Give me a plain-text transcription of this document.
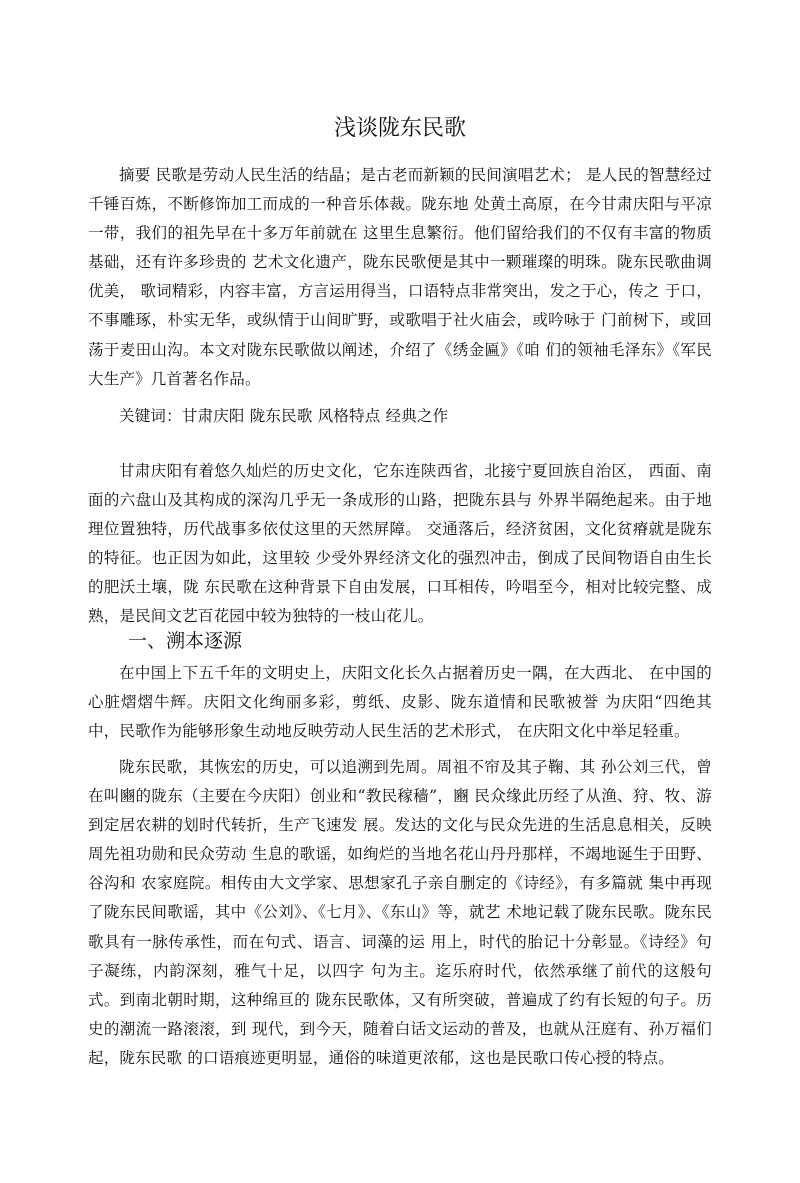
浅谈陇东民歌

摘要 民歌是劳动人民生活的结晶；是古老而新颖的民间演唱艺术； 是人民的智慧经过千锤百炼，不断修饰加工而成的一种音乐体裁。陇东地 处黄土高原，在今甘肃庆阳与平凉一带，我们的祖先早在十多万年前就在 这里生息繁衍。他们留给我们的不仅有丰富的物质基础，还有许多珍贵的 艺术文化遗产，陇东民歌便是其中一颗璀璨的明珠。陇东民歌曲调优美， 歌词精彩，内容丰富，方言运用得当，口语特点非常突出，发之于心，传之 于口，不事雕琢，朴实无华，或纵情于山间旷野，或歌唱于社火庙会，或吟咏于 门前树下，或回荡于麦田山沟。本文对陇东民歌做以阐述，介绍了《绣金匾》《咱 们的领袖毛泽东》《军民大生产》几首著名作品。

关键词：甘肃庆阳 陇东民歌 风格特点 经典之作

甘肃庆阳有着悠久灿烂的历史文化，它东连陕西省，北接宁夏回族自治区， 西面、南面的六盘山及其构成的深沟几乎无一条成形的山路，把陇东县与 外界半隔绝起来。由于地理位置独特，历代战事多依仗这里的天然屏障。 交通落后，经济贫困，文化贫瘠就是陇东的特征。也正因为如此，这里较 少受外界经济文化的强烈冲击，倒成了民间物语自由生长的肥沃土壤，陇 东民歌在这种背景下自由发展，口耳相传，吟唱至今，相对比较完整、成 熟，是民间文艺百花园中较为独特的一枝山花儿。

一、溯本逐源

在中国上下五千年的文明史上，庆阳文化长久占据着历史一隅，在大西北、 在中国的心脏熠熠牛辉。庆阳文化绚丽多彩，剪纸、皮影、陇东道情和民歌被誉 为庆阳“四绝其中，民歌作为能够形象生动地反映劳动人民生活的艺术形式， 在庆阳文化中举足轻重。

陇东民歌，其恢宏的历史，可以追溯到先周。周祖不帘及其子鞠、其 孙公刘三代，曾在叫豳的陇东（主要在今庆阳）创业和“教民稼穑”，豳 民众缘此历经了从渔、狩、牧、游到定居农耕的划时代转折，生产飞速发 展。发达的文化与民众先进的生活息息相关，反映周先祖功勋和民众劳动 生息的歌谣，如绚烂的当地名花山丹丹那样，不竭地诞生于田野、谷沟和 农家庭院。相传由大文学家、思想家孔子亲自删定的《诗经》，有多篇就 集中再现了陇东民间歌谣，其中《公刘》、《七月》、《东山》等，就艺 术地记载了陇东民歌。陇东民歌具有一脉传承性，而在句式、语言、词藻的运 用上，时代的胎记十分彰显。《诗经》句子凝练，内韵深刻，雅气十足，以四字 句为主。迄乐府时代，依然承继了前代的这般句式。到南北朝时期，这种绵亘的 陇东民歌体，又有所突破，普遍成了约有长短的句子。历史的潮流一路滚滚，到 现代，到今天，随着白话文运动的普及，也就从汪庭有、孙万福们起，陇东民歌 的口语痕迹更明显，通俗的味道更浓郁，这也是民歌口传心授的特点。
